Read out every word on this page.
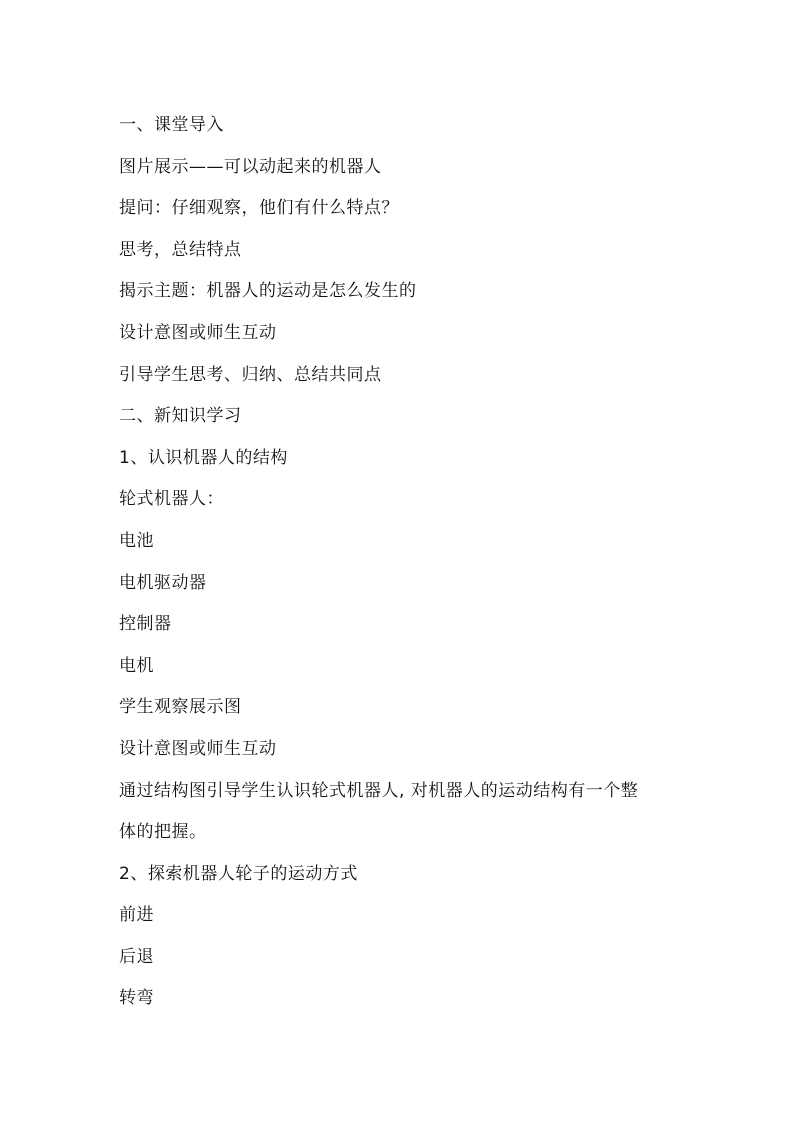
一、课堂导入
图片展示——可以动起来的机器人
提问：仔细观察，他们有什么特点？
思考，总结特点
揭示主题：机器人的运动是怎么发生的
设计意图或师生互动
引导学生思考、归纳、总结共同点
二、新知识学习
1、认识机器人的结构
轮式机器人：
电池
电机驱动器
控制器
电机
学生观察展示图
设计意图或师生互动
通过结构图引导学生认识轮式机器人, 对机器人的运动结构有一个整
体的把握。
2、探索机器人轮子的运动方式
前进
后退
转弯
